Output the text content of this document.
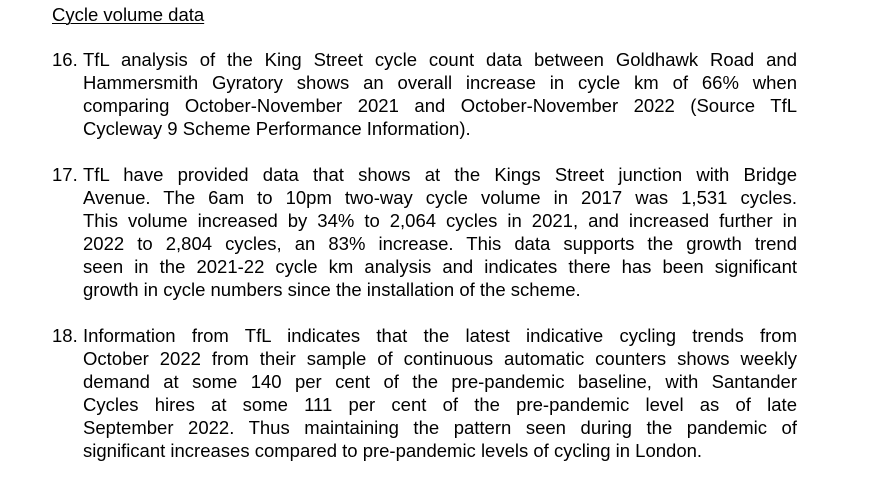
Cycle volume data
16. TfL analysis of the King Street cycle count data between Goldhawk Road and
Hammersmith Gyratory shows an overall increase in cycle km of 66% when
comparing October-November 2021 and October-November 2022 (Source TfL
Cycleway 9 Scheme Performance Information).
17. TfL have provided data that shows at the Kings Street junction with Bridge
Avenue. The 6am to 10pm two-way cycle volume in 2017 was 1,531 cycles.
This volume increased by 34% to 2,064 cycles in 2021, and increased further in
2022 to 2,804 cycles, an 83% increase. This data supports the growth trend
seen in the 2021-22 cycle km analysis and indicates there has been significant
growth in cycle numbers since the installation of the scheme.
18. Information from TfL indicates that the latest indicative cycling trends from
October 2022 from their sample of continuous automatic counters shows weekly
demand at some 140 per cent of the pre-pandemic baseline, with Santander
Cycles hires at some 111 per cent of the pre-pandemic level as of late
September 2022. Thus maintaining the pattern seen during the pandemic of
significant increases compared to pre-pandemic levels of cycling in London.
